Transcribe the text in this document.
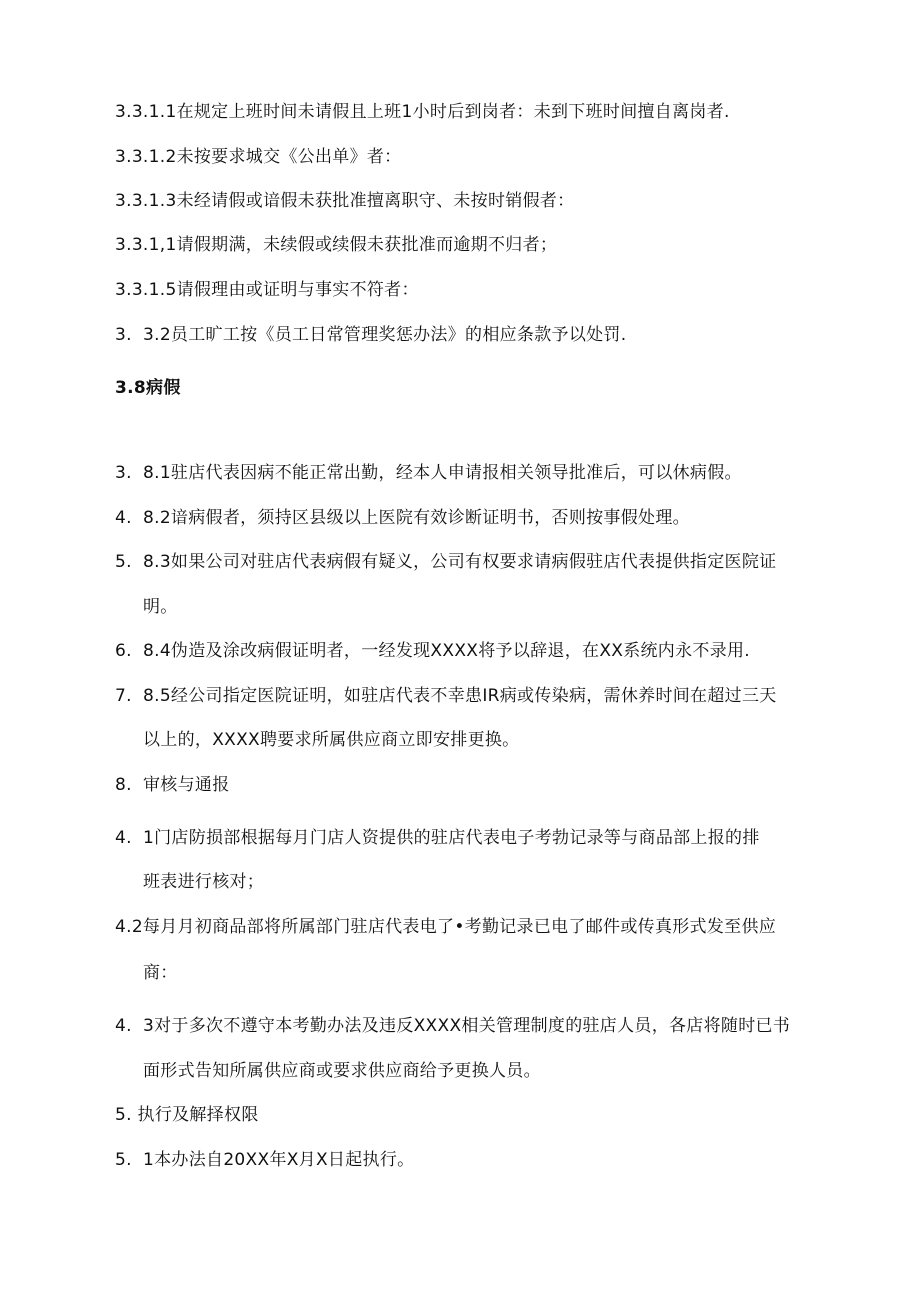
3.3.1.1在规定上班时间未请假且上班1小时后到岗者：未到下班时间擅自离岗者.
3.3.1.2未按要求城交《公出单》者：
3.3.1.3未经请假或谙假未获批准擅离职守、未按时销假者：
3.3.1,1请假期满，未续假或续假未获批准而逾期不归者；
3.3.1.5请假理由或证明与事实不符者：
3. 3.2员工旷工按《员工日常管理奖惩办法》的相应条款予以处罚.
3.8病假
3. 8.1驻店代表因病不能正常出勤，经本人申请报相关领导批准后，可以休病假。
4. 8.2谙病假者，须持区县级以上医院有效诊断证明书，否则按事假处理。
5. 8.3如果公司对驻店代表病假有疑义，公司有权要求请病假驻店代表提供指定医院证
明。
6. 8.4伪造及涂改病假证明者，一经发现XXXX将予以辞退，在XX系统内永不录用.
7. 8.5经公司指定医院证明，如驻店代表不幸患IR病或传染病，需休养时间在超过三天
以上的，XXXX聘要求所属供应商立即安排更换。
8. 审核与通报
4. 1门店防损部根据每月门店人资提供的驻店代表电子考勃记录等与商品部上报的排
班表进行核对；
4.2每月月初商品部将所属部门驻店代表电了•考勤记录已电了邮件或传真形式发至供应
商：
4. 3对于多次不遵守本考勤办法及违反XXXX相关管理制度的驻店人员，各店将随时已书
面形式告知所属供应商或要求供应商给予更换人员。
5. 执行及解择权限
5. 1本办法自20XX年X月X日起执行。
